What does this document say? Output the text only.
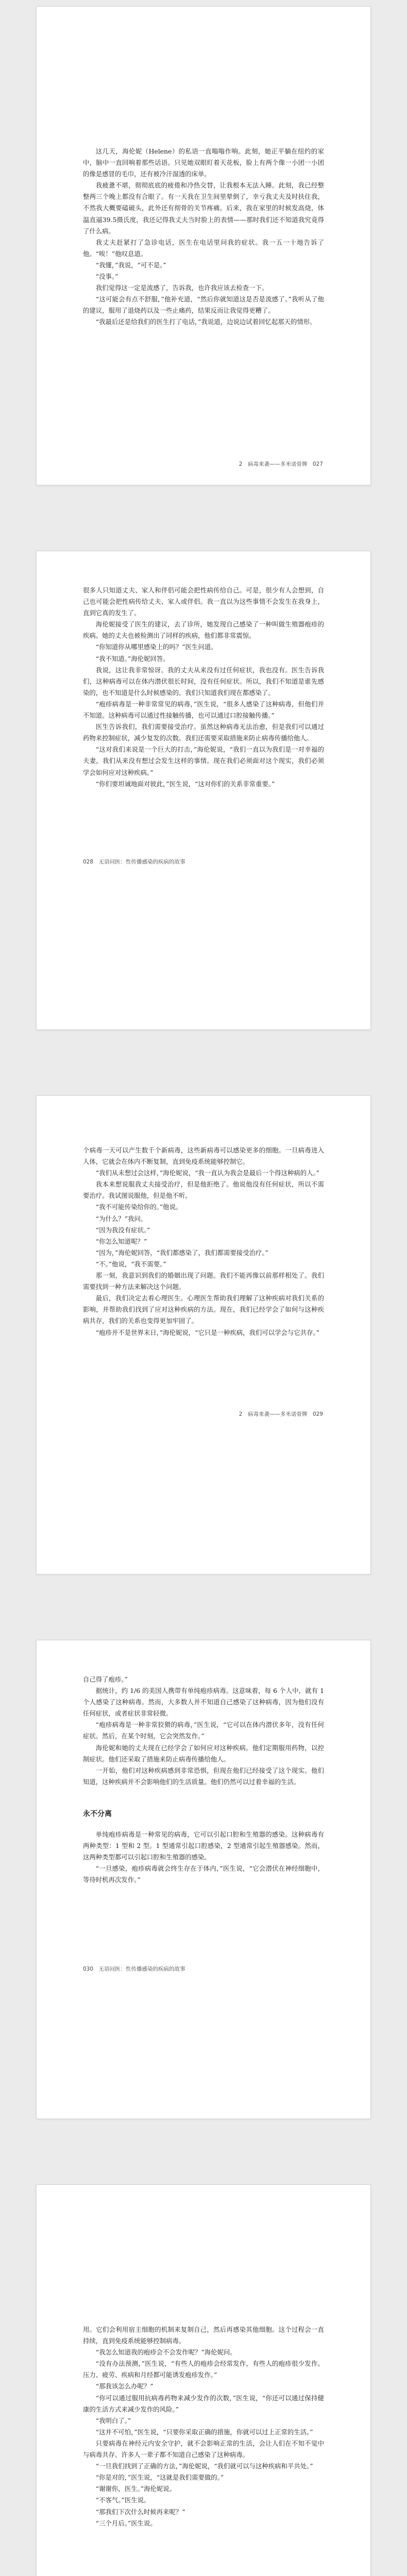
这几天，海伦妮（Helene）的私语一直嗡嗡作响。此刻，她正平躺在纽约的家中，脑中一直回响着那些话语。只见她双眼盯着天花板，脸上有两个像一小团一小团的像是感冒的毛巾，还有被冷汗湿透的床单。

我疲惫不堪，彻彻底底的疲倦和冷热交替，让我根本无法入睡。此刻，我已经整整两三个晚上都没有合眼了。有一天我在卫生间里晕倒了，幸亏我丈夫及时扶住我，不然我大概要磕破头，此外还有彻骨的关节疼痛。后来，我在家里的时候发高烧，体温直逼39.5摄氏度，我还记得我丈夫当时脸上的表情——那时我们还不知道我究竟得了什么病。

我丈夫赶紧打了急诊电话，医生在电话里问我的症状。我一五一十地告诉了他。“唉！”他叹息道。

“我懂，”我说，“可不是。”

“没事。”

我们觉得这一定是流感了，告诉我，也许我应该去检查一下。

“这可能会有点不舒服，”他补充道，“然后你就知道这是否是流感了。”我听从了他的建议，服用了退烧药以及一些止痛药，结果反而让我觉得更糟了。

“我最后还是给我们的医生打了电话，”我说道，边说边试着回忆起那天的情形。

2　病毒来袭——多米诺骨牌　027

很多人只知道丈夫、家人和伴侣可能会把性病传给自己。可是，很少有人会想到，自己也可能会把性病传给丈夫、家人或伴侣。我一直以为这些事情不会发生在我身上，直到它真的发生了。

海伦妮接受了医生的建议，去了诊所，她发现自己感染了一种叫做生殖器疱疹的疾病。她的丈夫也被检测出了同样的疾病，他们都非常震惊。

“你知道你从哪里感染上的吗？”医生问道。

“我不知道。”海伦妮回答。

我说，这让我非常惊讶。我的丈夫从来没有过任何症状，我也没有。医生告诉我们，这种病毒可以在体内潜伏很长时间，没有任何症状。所以，我们不知道是谁先感染的，也不知道是什么时候感染的。我们只知道我们现在都感染了。

“疱疹病毒是一种非常常见的病毒，”医生说，“很多人感染了这种病毒，但他们并不知道。这种病毒可以通过性接触传播，也可以通过口腔接触传播。”

医生告诉我们，我们需要接受治疗。虽然这种病毒无法治愈，但是我们可以通过药物来控制症状，减少复发的次数。我们还需要采取措施来防止病毒传播给他人。

“这对我们来说是一个巨大的打击，”海伦妮说，“我们一直以为我们是一对幸福的夫妻，我们从来没有想过会发生这样的事情。现在我们必须面对这个现实，我们必须学会如何应对这种疾病。”

“你们要坦诚地面对彼此，”医生说，“这对你们的关系非常重要。”

028　无语问医：性传播感染的疾病的故事

个病毒一天可以产生数千个新病毒，这些新病毒可以感染更多的细胞。一旦病毒进入人体，它就会在体内不断复制，直到免疫系统能够控制它。

“我们从未想过会这样，”海伦妮说，“我一直认为我会是最后一个得这种病的人。”

我本来想说服我丈夫接受治疗，但是他拒绝了。他说他没有任何症状，所以不需要治疗。我试图说服他，但是他不听。

“我不可能传染给你的。”他说。

“为什么？”我问。

“因为我没有症状。”

“你怎么知道呢？”

“因为，”海伦妮回答，“我们都感染了，我们都需要接受治疗。”

“不。”他说，“我不需要。”

那一刻，我意识到我们的婚姻出现了问题。我们不能再像以前那样相处了。我们需要找到一种方法来解决这个问题。

最后，我们决定去看心理医生。心理医生帮助我们理解了这种疾病对我们关系的影响，并帮助我们找到了应对这种疾病的方法。现在，我们已经学会了如何与这种疾病共存，我们的关系也变得更加牢固了。

“疱疹并不是世界末日，”海伦妮说，“它只是一种疾病，我们可以学会与它共存。”

2　病毒来袭——多米诺骨牌　029

自己得了疱疹。”

据统计，约 1/6 的美国人携带有单纯疱疹病毒。这意味着，每 6 个人中，就有 1 个人感染了这种病毒。然而，大多数人并不知道自己感染了这种病毒，因为他们没有任何症状，或者症状非常轻微。

“疱疹病毒是一种非常狡猾的病毒，”医生说，“它可以在体内潜伏多年，没有任何症状。然后，在某个时刻，它会突然发作。”

海伦妮和她的丈夫现在已经学会了如何应对这种疾病。他们定期服用药物，以控制症状。他们还采取了措施来防止病毒传播给他人。

一开始，他们对这种疾病感到非常恐惧，但现在他们已经接受了这个现实。他们知道，这种疾病并不会影响他们的生活质量。他们仍然可以过着幸福的生活。

永不分离

单纯疱疹病毒是一种常见的病毒，它可以引起口腔和生殖器的感染。这种病毒有两种类型：1 型和 2 型。1 型通常引起口腔感染，2 型通常引起生殖器感染。然而，这两种类型都可以引起口腔和生殖器的感染。

“一旦感染，疱疹病毒就会终生存在于体内，”医生说，“它会潜伏在神经细胞中，等待时机再次发作。”

030　无语问医：性传播感染的疾病的故事

用。它们会利用宿主细胞的机制来复制自己，然后再感染其他细胞。这个过程会一直持续，直到免疫系统能够控制病毒。

“我怎么知道我的疱疹会不会发作呢？”海伦妮问。

“没有办法预测，”医生说，“有些人的疱疹会经常发作，有些人的疱疹很少发作。压力、疲劳、疾病和月经都可能诱发疱疹发作。”

“那我该怎么办呢？”

“你可以通过服用抗病毒药物来减少发作的次数，”医生说，“你还可以通过保持健康的生活方式来减少发作的风险。”

“我明白了。”

“这并不可怕，”医生说，“只要你采取正确的措施，你就可以过上正常的生活。”

只要病毒在神经元内安全守护，就不会影响正常的生活，会让人们在不知不觉中与病毒共存。许多人一辈子都不知道自己感染了这种病毒。

“一旦我们找到了正确的方法，”海伦妮说，“我们就可以与这种疾病和平共处。”

“你是对的，”医生说，“这就是我们需要做的。”

“谢谢你，医生。”海伦妮说。

“不客气。”医生说。

“那我们下次什么时候再来呢？”

“三个月后。”医生说。
